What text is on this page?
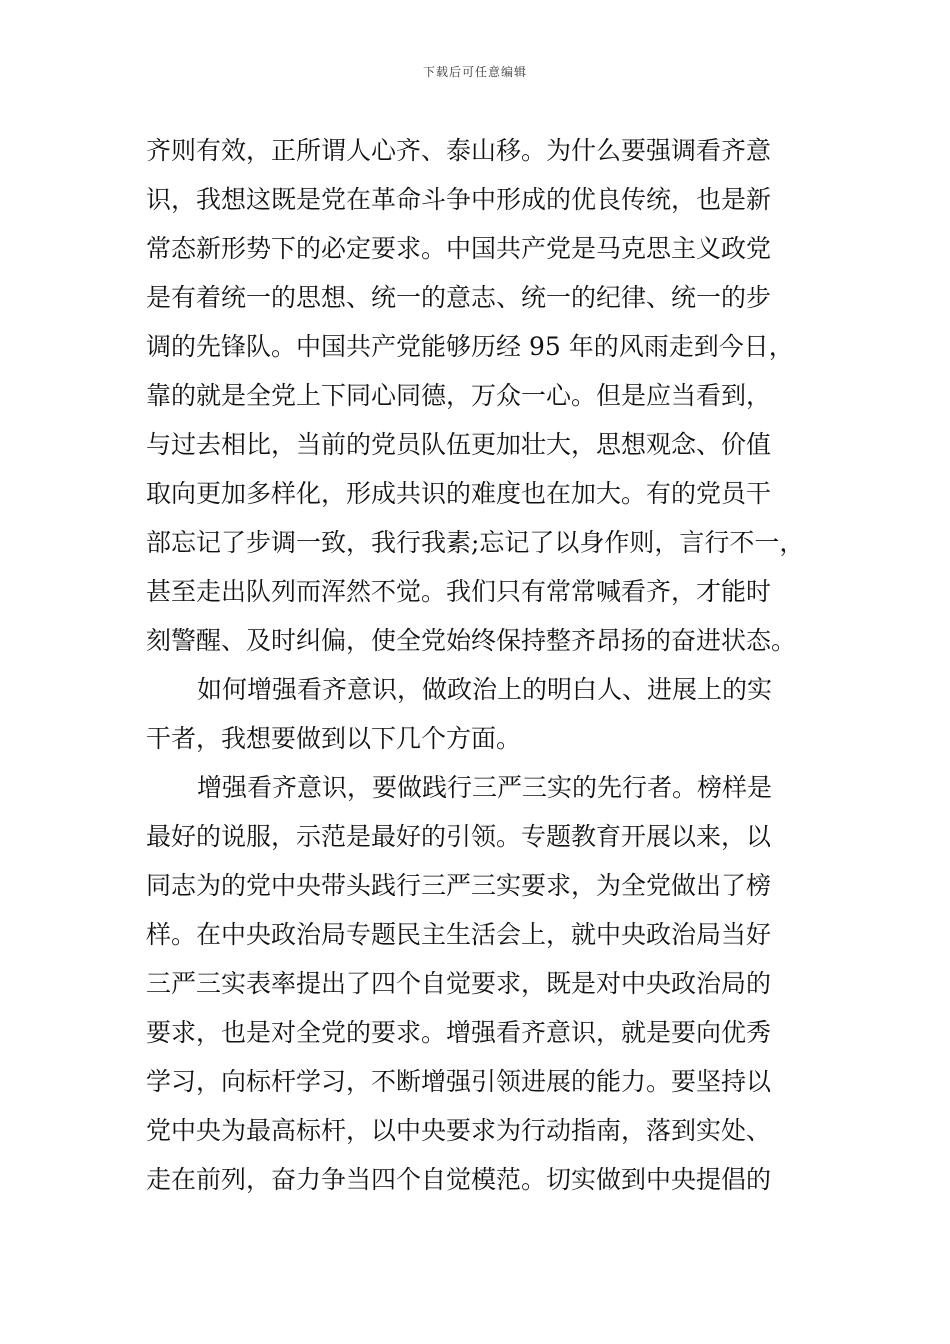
下载后可任意编辑
齐则有效，正所谓人心齐、泰山移。为什么要强调看齐意
识，我想这既是党在革命斗争中形成的优良传统，也是新
常态新形势下的必定要求。中国共产党是马克思主义政党
是有着统一的思想、统一的意志、统一的纪律、统一的步
调的先锋队。中国共产党能够历经 95 年的风雨走到今日，
靠的就是全党上下同心同德，万众一心。但是应当看到，
与过去相比，当前的党员队伍更加壮大，思想观念、价值
取向更加多样化，形成共识的难度也在加大。有的党员干
部忘记了步调一致，我行我素;忘记了以身作则，言行不一，
甚至走出队列而浑然不觉。我们只有常常喊看齐，才能时
刻警醒、及时纠偏，使全党始终保持整齐昂扬的奋进状态。
如何增强看齐意识，做政治上的明白人、进展上的实
干者，我想要做到以下几个方面。
增强看齐意识，要做践行三严三实的先行者。榜样是
最好的说服，示范是最好的引领。专题教育开展以来，以
同志为的党中央带头践行三严三实要求，为全党做出了榜
样。在中央政治局专题民主生活会上，就中央政治局当好
三严三实表率提出了四个自觉要求，既是对中央政治局的
要求，也是对全党的要求。增强看齐意识，就是要向优秀
学习，向标杆学习，不断增强引领进展的能力。要坚持以
党中央为最高标杆，以中央要求为行动指南，落到实处、
走在前列，奋力争当四个自觉模范。切实做到中央提倡的
